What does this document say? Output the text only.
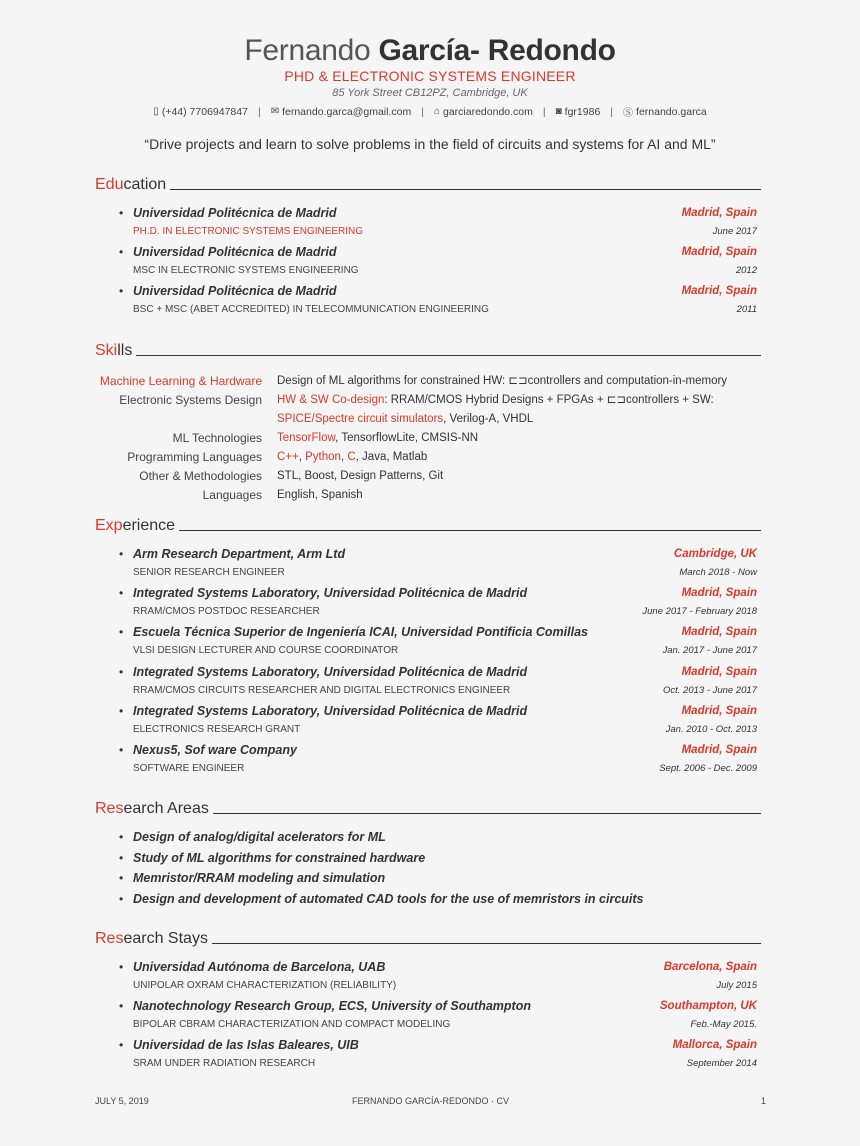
Fernando García- Redondo
PHD & ELECTRONIC SYSTEMS ENGINEER
85 York Street CB12PZ, Cambridge, UK
▯ (+44) 7706947847 | ✉ fernando.garca@gmail.com | ⌂ garciaredondo.com | ◙ fgr1986 | Ⓢ fernando.garca
“Drive projects and learn to solve problems in the field of circuits and systems for AI and ML”
Edu cation
• Universidad Politécnica de Madrid	Madrid, Spain
PH.D. IN ELECTRONIC SYSTEMS ENGINEERING	June 2017
• Universidad Politécnica de Madrid	Madrid, Spain
MSC IN ELECTRONIC SYSTEMS ENGINEERING	2012
• Universidad Politécnica de Madrid	Madrid, Spain
BSC + MSC (ABET ACCREDITED) IN TELECOMMUNICATION ENGINEERING	2011
Ski lls
Machine Learning & Hardware	Design of ML algorithms for constrained HW: ⊏⊐controllers and computation-in-memory
Electronic Systems Design	HW & SW Co-design: RRAM/CMOS Hybrid Designs + FPGAs + ⊏⊐controllers + SW:
SPICE/Spectre circuit simulators, Verilog-A, VHDL
ML Technologies	TensorFlow, TensorflowLite, CMSIS-NN
Programming Languages	C++, Python, C, Java, Matlab
Other & Methodologies	STL, Boost, Design Patterns, Git
Languages	English, Spanish
Exp erience
• Arm Research Department, Arm Ltd	Cambridge, UK
SENIOR RESEARCH ENGINEER	March 2018 - Now
• Integrated Systems Laboratory, Universidad Politécnica de Madrid	Madrid, Spain
RRAM/CMOS POSTDOC RESEARCHER	June 2017 - February 2018
• Escuela Técnica Superior de Ingeniería ICAI, Universidad Pontificia Comillas	Madrid, Spain
VLSI DESIGN LECTURER AND COURSE COORDINATOR	Jan. 2017 - June 2017
• Integrated Systems Laboratory, Universidad Politécnica de Madrid	Madrid, Spain
RRAM/CMOS CIRCUITS RESEARCHER AND DIGITAL ELECTRONICS ENGINEER	Oct. 2013 - June 2017
• Integrated Systems Laboratory, Universidad Politécnica de Madrid	Madrid, Spain
ELECTRONICS RESEARCH GRANT	Jan. 2010 - Oct. 2013
• Nexus5, Sof ware Company	Madrid, Spain
SOFTWARE ENGINEER	Sept. 2006 - Dec. 2009
Res earch Areas
• Design of analog/digital acelerators for ML
• Study of ML algorithms for constrained hardware
• Memristor/RRAM modeling and simulation
• Design and development of automated CAD tools for the use of memristors in circuits
Res earch Stays
• Universidad Autónoma de Barcelona, UAB	Barcelona, Spain
UNIPOLAR OXRAM CHARACTERIZATION (RELIABILITY)	July 2015
• Nanotechnology Research Group, ECS, University of Southampton	Southampton, UK
BIPOLAR CBRAM CHARACTERIZATION AND COMPACT MODELING	Feb.-May 2015.
• Universidad de las Islas Baleares, UIB	Mallorca, Spain
SRAM UNDER RADIATION RESEARCH	September 2014
JULY 5, 2019	FERNANDO GARCÍA-REDONDO · CV	1
